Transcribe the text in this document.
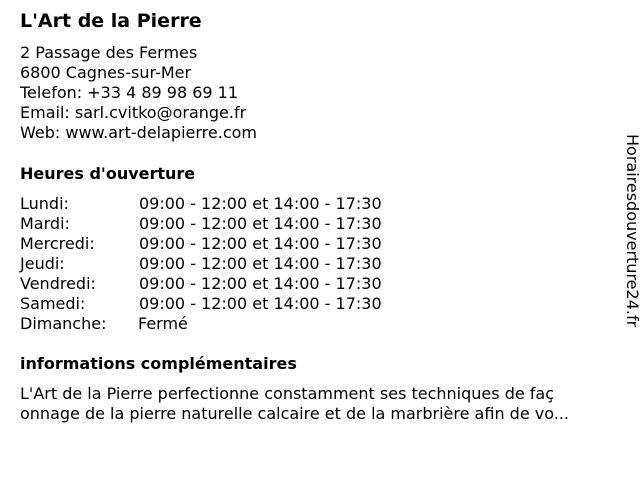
L'Art de la Pierre
2 Passage des Fermes
6800 Cagnes-sur-Mer
Telefon: +33 4 89 98 69 11
Email: sarl.cvitko@orange.fr
Web: www.art-delapierre.com
Heures d'ouverture
Lundi:	09:00 - 12:00 et 14:00 - 17:30
Mardi:	09:00 - 12:00 et 14:00 - 17:30
Mercredi:	09:00 - 12:00 et 14:00 - 17:30
Jeudi:	09:00 - 12:00 et 14:00 - 17:30
Vendredi:	09:00 - 12:00 et 14:00 - 17:30
Samedi:	09:00 - 12:00 et 14:00 - 17:30
Dimanche: Fermé
informations complémentaires
L'Art de la Pierre perfectionne constamment ses techniques de faç
onnage de la pierre naturelle calcaire et de la marbrière afin de vo...
Horairesdouverture24.fr
